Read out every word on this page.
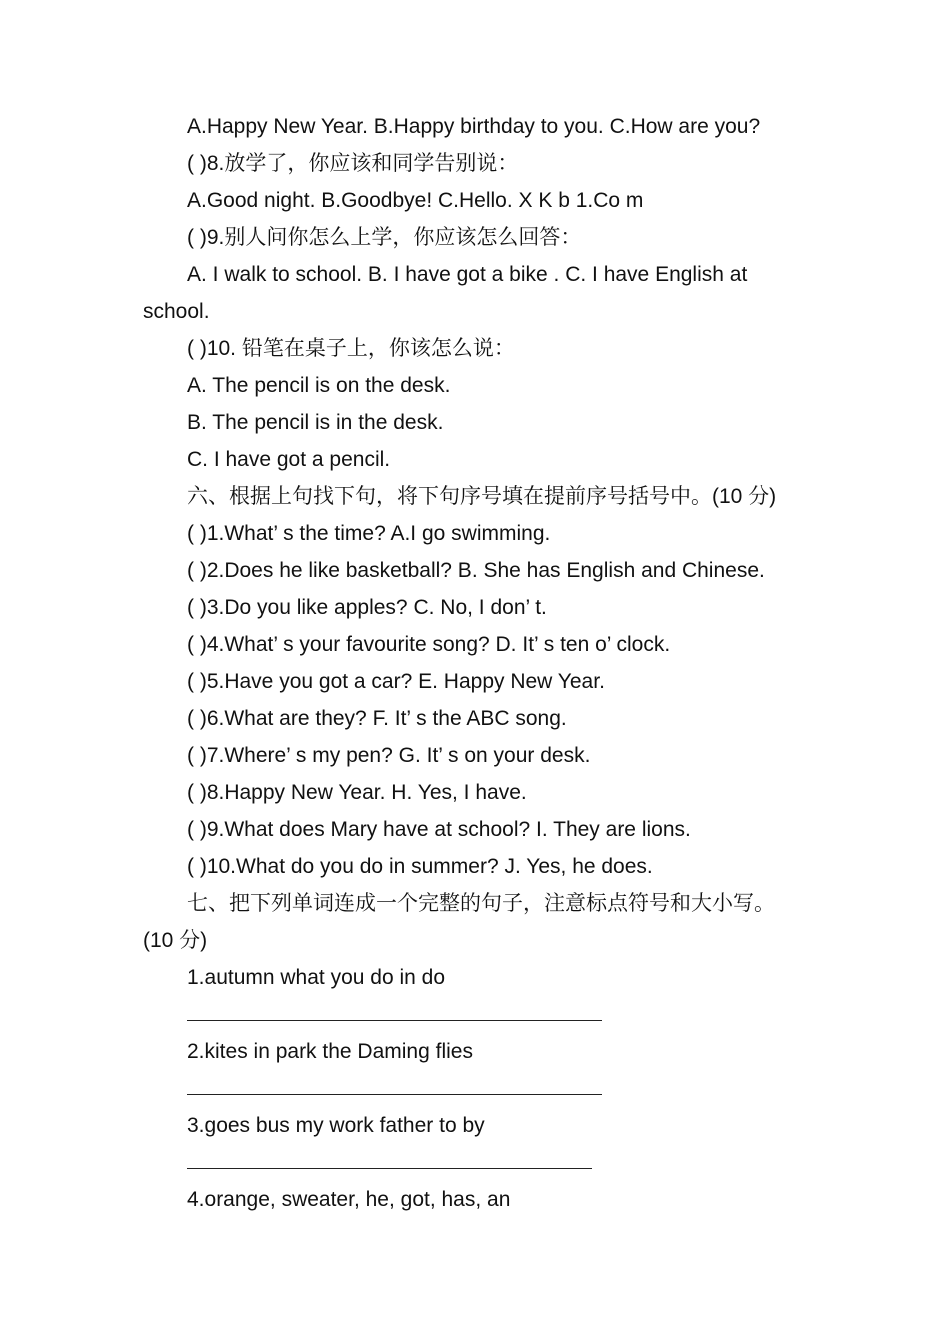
A.Happy New Year. B.Happy birthday to you. C.How are you?
( )8.放学了，你应该和同学告别说：
A.Good night. B.Goodbye! C.Hello. X K b 1.Co m
( )9.别人问你怎么上学，你应该怎么回答：
A. I walk to school. B. I have got a bike . C. I have English at
school.
( )10. 铅笔在桌子上，你该怎么说：
A. The pencil is on the desk.
B. The pencil is in the desk.
C. I have got a pencil.
六、根据上句找下句，将下句序号填在提前序号括号中。(10 分)
( )1.What’ s the time? A.I go swimming.
( )2.Does he like basketball? B. She has English and Chinese.
( )3.Do you like apples? C. No, I don’ t.
( )4.What’ s your favourite song? D. It’ s ten o’ clock.
( )5.Have you got a car? E. Happy New Year.
( )6.What are they? F. It’ s the ABC song.
( )7.Where’ s my pen? G. It’ s on your desk.
( )8.Happy New Year. H. Yes, I have.
( )9.What does Mary have at school? I. They are lions.
( )10.What do you do in summer? J. Yes, he does.
七、把下列单词连成一个完整的句子，注意标点符号和大小写。
(10 分)
1.autumn what you do in do
2.kites in park the Daming flies
3.goes bus my work father to by
4.orange, sweater, he, got, has, an
